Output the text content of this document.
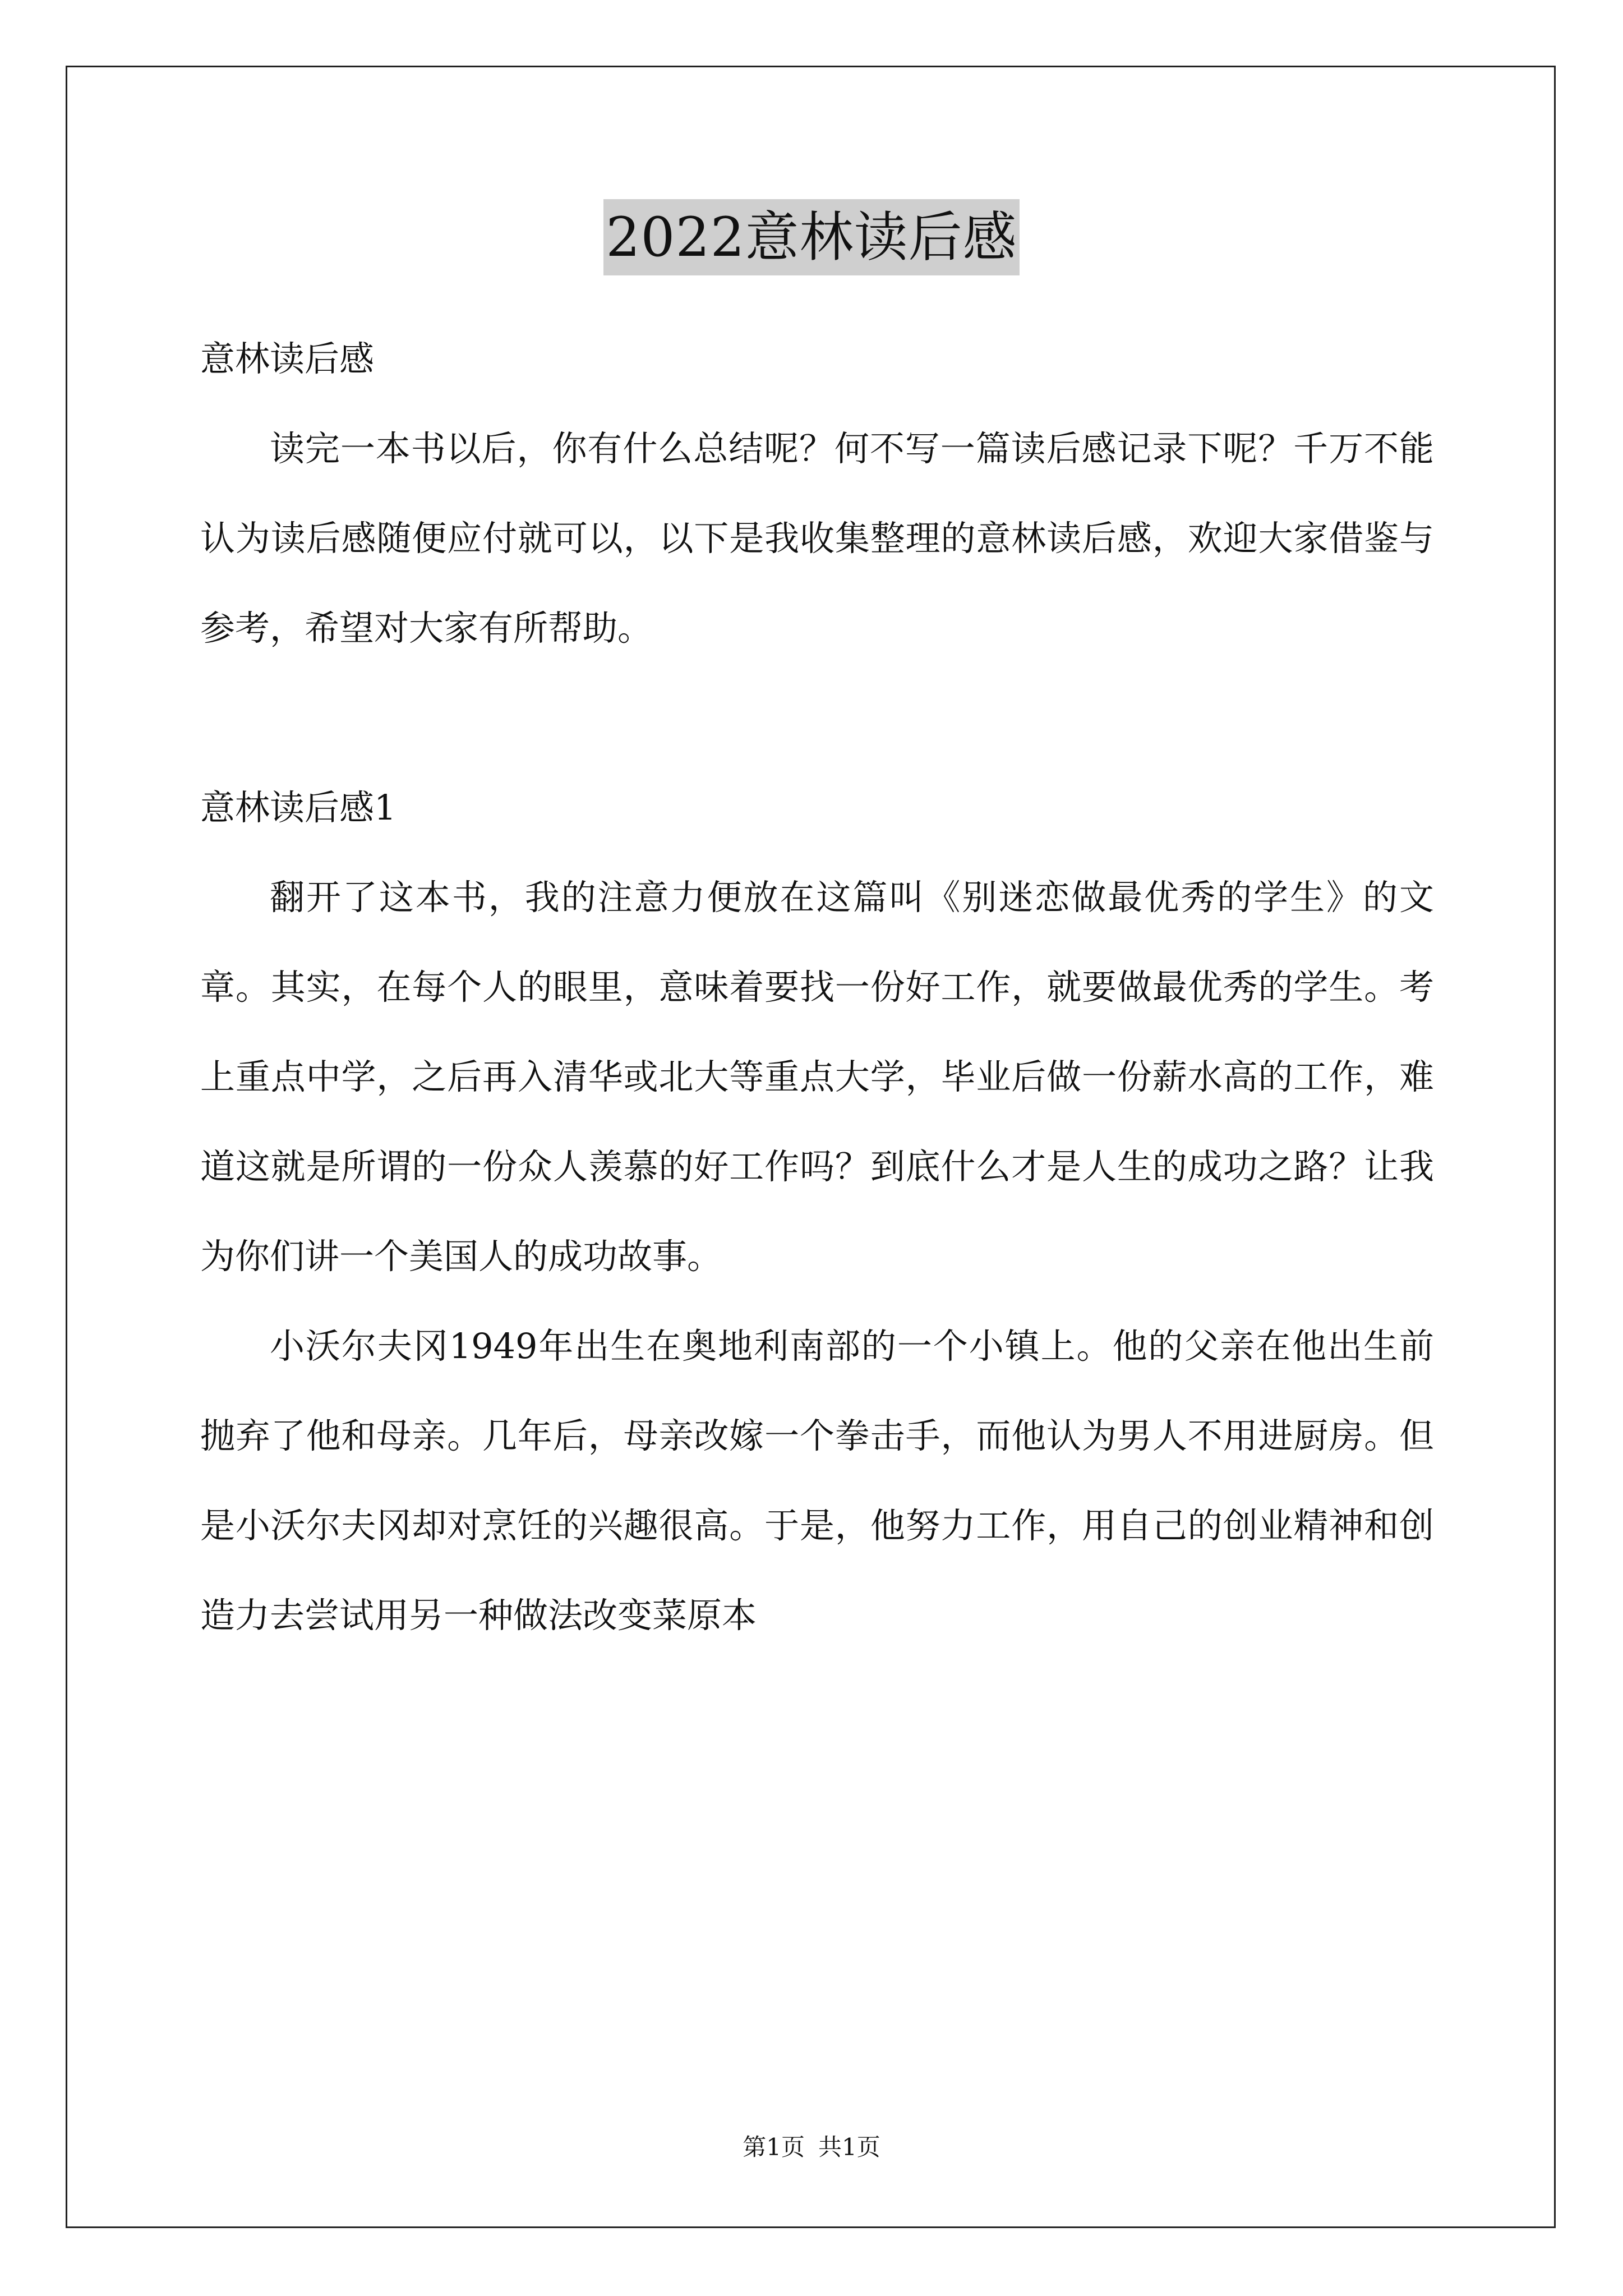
2022意林读后感

意林读后感

读完一本书以后，你有什么总结呢？何不写一篇读后感记录下呢？千万不能认为读后感随便应付就可以，以下是我收集整理的意林读后感，欢迎大家借鉴与参考，希望对大家有所帮助。

意林读后感1

翻开了这本书，我的注意力便放在这篇叫《别迷恋做最优秀的学生》的文章。其实，在每个人的眼里，意味着要找一份好工作，就要做最优秀的学生。考上重点中学，之后再入清华或北大等重点大学，毕业后做一份薪水高的工作，难道这就是所谓的一份众人羡慕的好工作吗？到底什么才是人生的成功之路？让我为你们讲一个美国人的成功故事。

小沃尔夫冈1949年出生在奥地利南部的一个小镇上。他的父亲在他出生前抛弃了他和母亲。几年后，母亲改嫁一个拳击手，而他认为男人不用进厨房。但是小沃尔夫冈却对烹饪的兴趣很高。于是，他努力工作，用自己的创业精神和创造力去尝试用另一种做法改变菜原本

第1页 共1页
